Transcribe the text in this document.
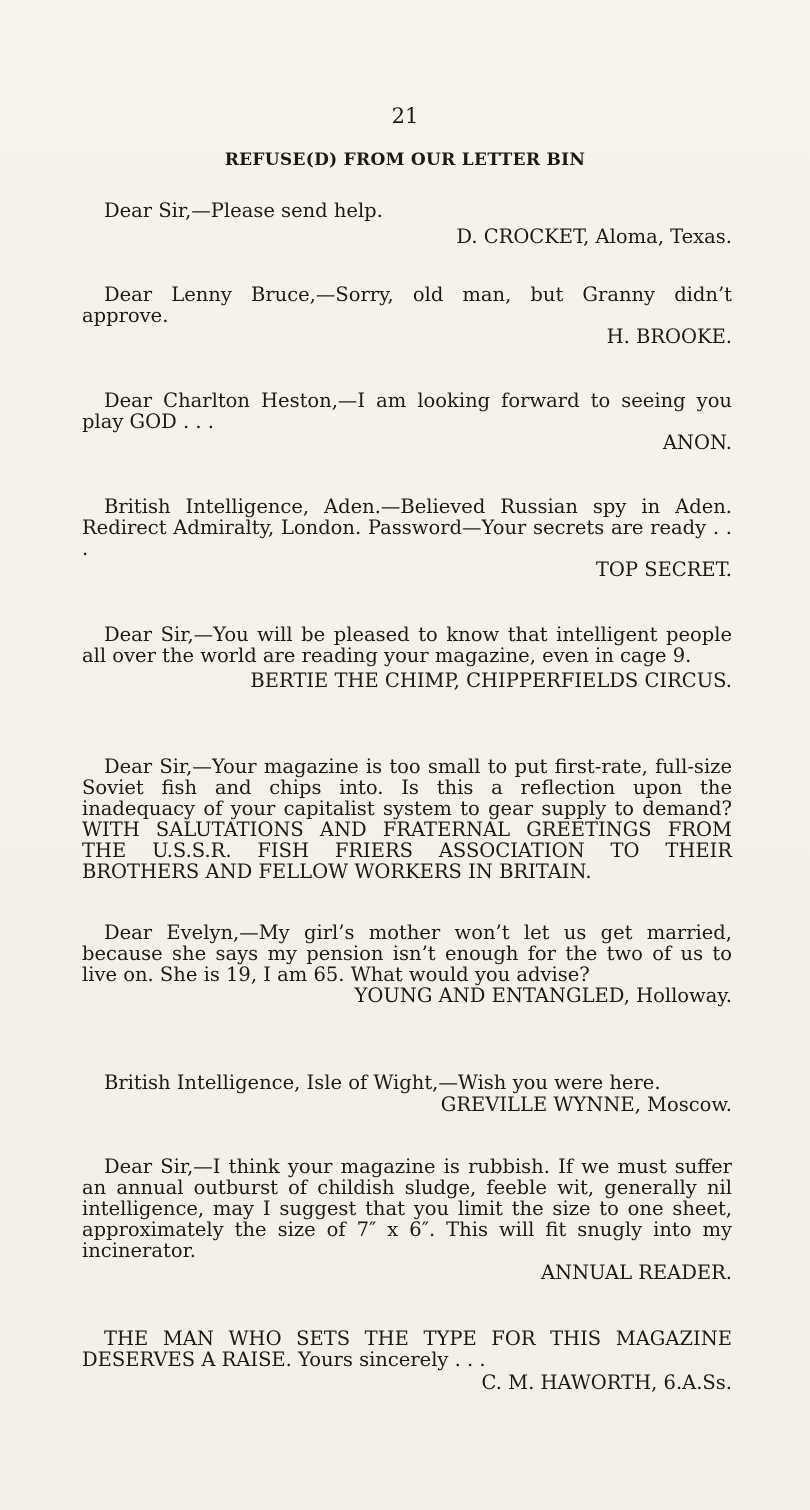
21
REFUSE(D) FROM OUR LETTER BIN

Dear Sir,—Please send help.

D. CROCKET, Aloma, Texas.

Dear Lenny Bruce,—Sorry, old man, but Granny didn’t approve.

H. BROOKE.

Dear Charlton Heston,—I am looking forward to seeing you play GOD . . .

ANON.

British Intelligence, Aden.—Believed Russian spy in Aden. Redirect Admiralty, London. Password—Your secrets are ready . . .

TOP SECRET.

Dear Sir,—You will be pleased to know that intelligent people all over the world are reading your magazine, even in cage 9.

BERTIE THE CHIMP, CHIPPERFIELDS CIRCUS.

Dear Sir,—Your magazine is too small to put first-rate, full-size Soviet fish and chips into. Is this a reflection upon the inadequacy of your capitalist system to gear supply to demand? WITH SALUTATIONS AND FRATERNAL GREETINGS FROM THE U.S.S.R. FISH FRIERS ASSOCIATION TO THEIR BROTHERS AND FELLOW WORKERS IN BRITAIN.

Dear Evelyn,—My girl’s mother won’t let us get married, because she says my pension isn’t enough for the two of us to live on. She is 19, I am 65. What would you advise?

YOUNG AND ENTANGLED, Holloway.

British Intelligence, Isle of Wight,—Wish you were here.

GREVILLE WYNNE, Moscow.

Dear Sir,—I think your magazine is rubbish. If we must suffer an annual outburst of childish sludge, feeble wit, generally nil intelligence, may I suggest that you limit the size to one sheet, approximately the size of 7″ x 6″. This will fit snugly into my incinerator.

ANNUAL READER.

THE MAN WHO SETS THE TYPE FOR THIS MAGAZINE DESERVES A RAISE. Yours sincerely . . .

C. M. HAWORTH, 6.A.Ss.
